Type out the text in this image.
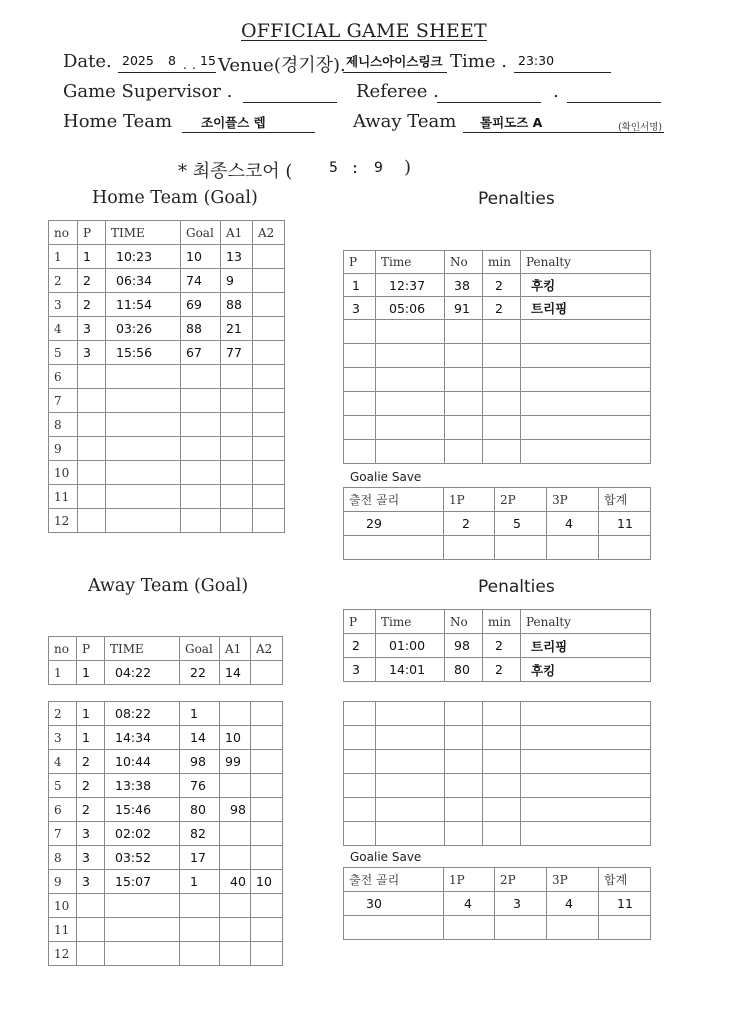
OFFICIAL GAME SHEET
Date. 2025 8 . . 15 Venue(경기장). 제니스아이스링크 Time . 23:30
Game Supervisor .	Referee .	.
Home Team 조이플스 렙	Away Team 톨피도즈 A	(확인서명)
* 최종스코어 (	5 : 9 )
Home Team (Goal)
no	P	TIME	Goal	A1	A2
1	1	10:23	10	13	
2	2	06:34	74	9	
3	2	11:54	69	88	
4	3	03:26	88	21	
5	3	15:56	67	77	
6					
7					
8					
9					
10					
11					
12					
Penalties
P	Time	No	min	Penalty
1	12:37	38	2	후킹
3	05:06	91	2	트리핑

Goalie Save
출전 골리	1P	2P	3P	합계
29	2	5	4	11

Away Team (Goal)
no	P	TIME	Goal	A1	A2
1	1	04:22	22	14	
2	1	08:22	1		
3	1	14:34	14	10	
4	2	10:44	98	99	
5	2	13:38	76		
6	2	15:46	80	98	
7	3	02:02	82		
8	3	03:52	17		
9	3	15:07	1	40	10
10					
11					
12					
Penalties
P	Time	No	min	Penalty
2	01:00	98	2	트리핑
3	14:01	80	2	후킹

Goalie Save
출전 골리	1P	2P	3P	합계
30	4	3	4	11
